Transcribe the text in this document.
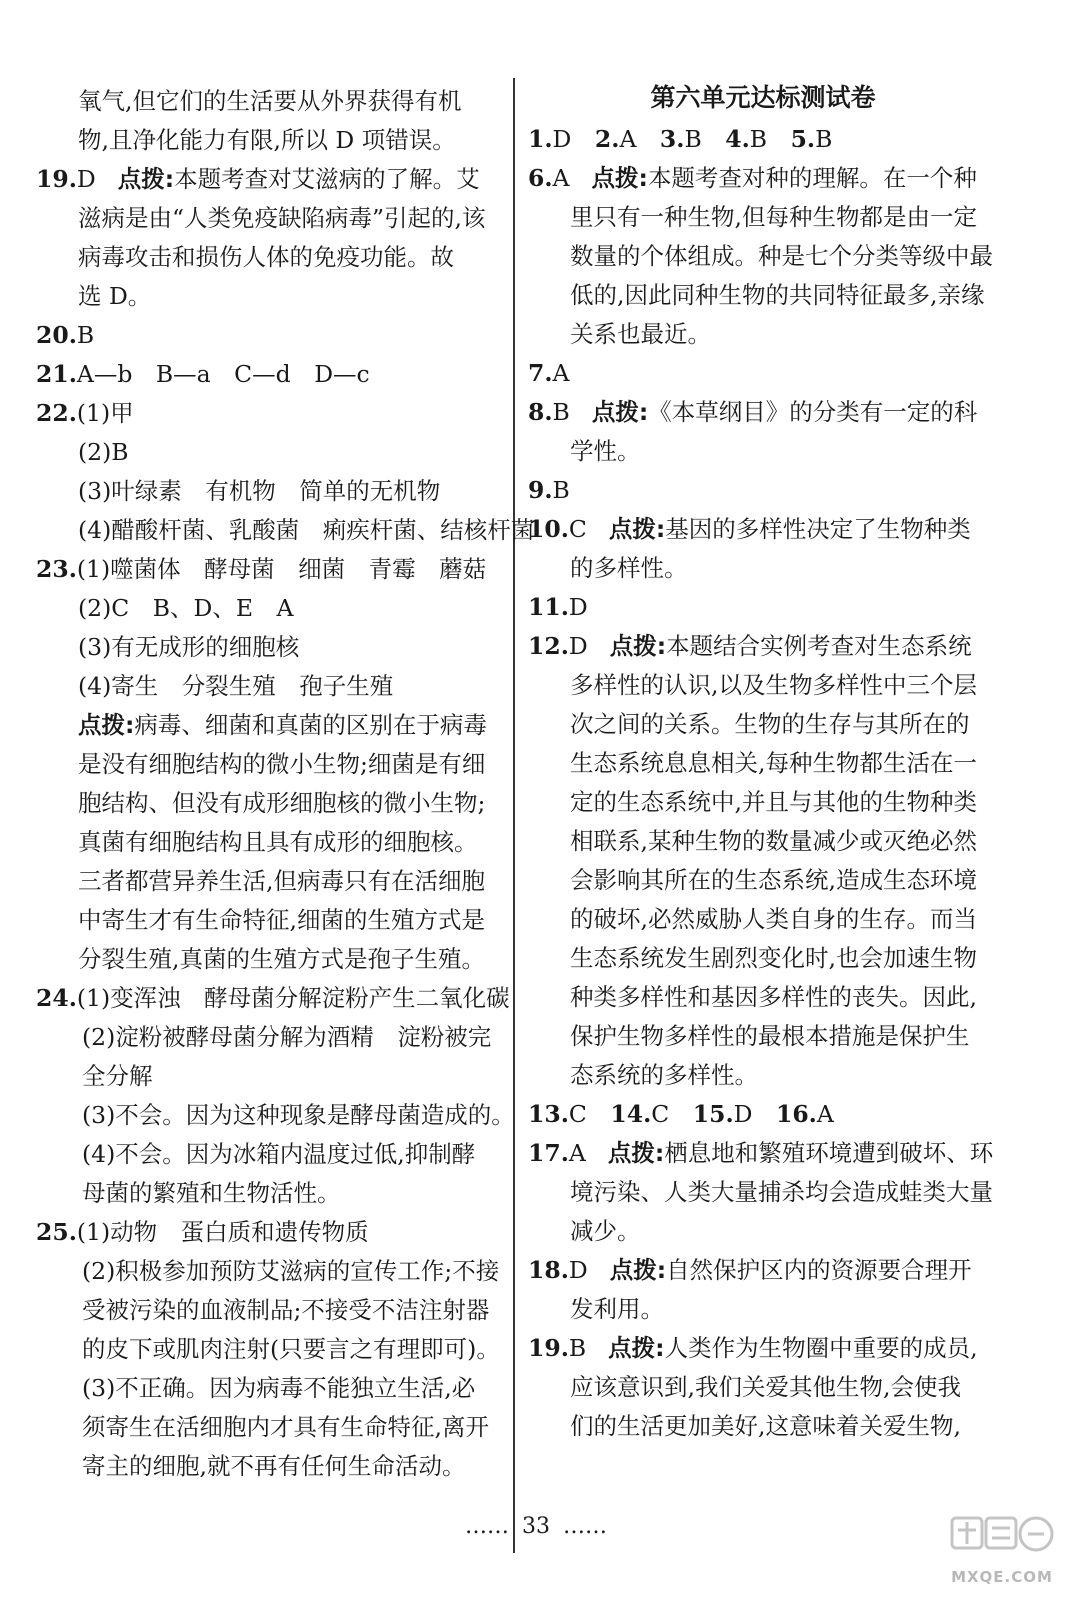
氧气,但它们的生活要从外界获得有机
物,且净化能力有限,所以 D 项错误。
19.D 点拨:本题考查对艾滋病的了解。艾
滋病是由“人类免疫缺陷病毒”引起的,该
病毒攻击和损伤人体的免疫功能。故
选 D。
20.B
21.A—b　B—a　C—d　D—c
22.(1)甲
(2)B
(3)叶绿素　有机物　简单的无机物
(4)醋酸杆菌、乳酸菌　痢疾杆菌、结核杆菌
23.(1)噬菌体　酵母菌　细菌　青霉　蘑菇
(2)C　B、D、E　A
(3)有无成形的细胞核
(4)寄生　分裂生殖　孢子生殖
点拨:病毒、细菌和真菌的区别在于病毒
是没有细胞结构的微小生物;细菌是有细
胞结构、但没有成形细胞核的微小生物;
真菌有细胞结构且具有成形的细胞核。
三者都营异养生活,但病毒只有在活细胞
中寄生才有生命特征,细菌的生殖方式是
分裂生殖,真菌的生殖方式是孢子生殖。
24.(1)变浑浊　酵母菌分解淀粉产生二氧化碳
(2)淀粉被酵母菌分解为酒精　淀粉被完
全分解
(3)不会。因为这种现象是酵母菌造成的。
(4)不会。因为冰箱内温度过低,抑制酵
母菌的繁殖和生物活性。
25.(1)动物　蛋白质和遗传物质
(2)积极参加预防艾滋病的宣传工作;不接
受被污染的血液制品;不接受不洁注射器
的皮下或肌肉注射(只要言之有理即可)。
(3)不正确。因为病毒不能独立生活,必
须寄生在活细胞内才具有生命特征,离开
寄主的细胞,就不再有任何生命活动。
第六单元达标测试卷
1.D　2.A　3.B　4.B　5.B
6.A 点拨:本题考查对种的理解。在一个种
里只有一种生物,但每种生物都是由一定
数量的个体组成。种是七个分类等级中最
低的,因此同种生物的共同特征最多,亲缘
关系也最近。
7.A
8.B 点拨:《本草纲目》的分类有一定的科
学性。
9.B
10.C 点拨:基因的多样性决定了生物种类
的多样性。
11.D
12.D 点拨:本题结合实例考查对生态系统
多样性的认识,以及生物多样性中三个层
次之间的关系。生物的生存与其所在的
生态系统息息相关,每种生物都生活在一
定的生态系统中,并且与其他的生物种类
相联系,某种生物的数量减少或灭绝必然
会影响其所在的生态系统,造成生态环境
的破坏,必然威胁人类自身的生存。而当
生态系统发生剧烈变化时,也会加速生物
种类多样性和基因多样性的丧失。因此,
保护生物多样性的最根本措施是保护生
态系统的多样性。
13.C　14.C　15.D　16.A
17.A 点拨:栖息地和繁殖环境遭到破坏、环
境污染、人类大量捕杀均会造成蛙类大量
减少。
18.D 点拨:自然保护区内的资源要合理开
发利用。
19.B 点拨:人类作为生物圈中重要的成员,
应该意识到,我们关爱其他生物,会使我
们的生活更加美好,这意味着关爱生物,
…… 33 ……
MXQE.COM
